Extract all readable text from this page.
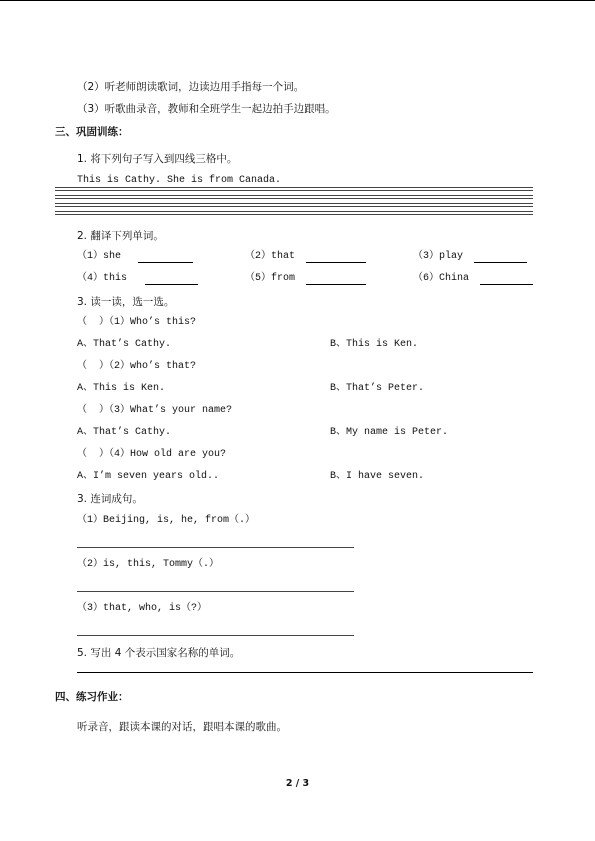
（2）听老师朗读歌词，边读边用手指每一个词。
（3）听歌曲录音，教师和全班学生一起边拍手边跟唱。
三、巩固训练：
1. 将下列句子写入到四线三格中。
This is Cathy. She is from Canada.
2. 翻译下列单词。
（1）she	（2）that	（3）play
（4）this	（5）from	（6）China
3. 读一读，选一选。
（  ）（1）Who’s this?
A、That’s Cathy.	B、This is Ken.
（  ）（2）who’s that?
A、This is Ken.	B、That’s Peter.
（  ）（3）What’s your name?
A、That’s Cathy.	B、My name is Peter.
（  ）（4）How old are you?
A、I’m seven years old..	B、I have seven.
3. 连词成句。
（1）Beijing, is, he, from（.）
（2）is, this, Tommy（.）
（3）that, who, is（?）
5. 写出 4 个表示国家名称的单词。
四、练习作业：
听录音，跟读本课的对话，跟唱本课的歌曲。
2 / 3
